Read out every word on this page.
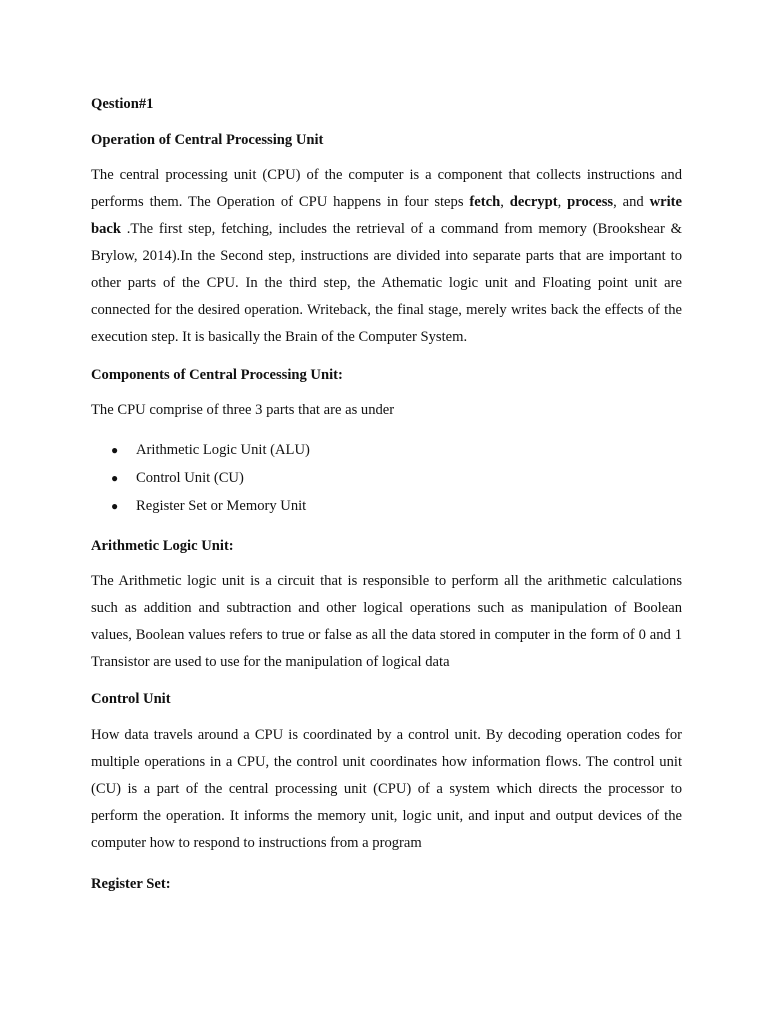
Qestion#1

Operation of Central Processing Unit

The central processing unit (CPU) of the computer is a component that collects instructions and performs them. The Operation of CPU happens in four steps fetch, decrypt, process, and write back .The first step, fetching, includes the retrieval of a command from memory (Brookshear & Brylow, 2014).In the Second step, instructions are divided into separate parts that are important to other parts of the CPU. In the third step, the Athematic logic unit and Floating point unit are connected for the desired operation. Writeback, the final stage, merely writes back the effects of the execution step. It is basically the Brain of the Computer System.

Components of Central Processing Unit:

The CPU comprise of three 3 parts that are as under

● Arithmetic Logic Unit (ALU)
● Control Unit (CU)
● Register Set or Memory Unit

Arithmetic Logic Unit:

The Arithmetic logic unit is a circuit that is responsible to perform all the arithmetic calculations such as addition and subtraction and other logical operations such as manipulation of Boolean values, Boolean values refers to true or false as all the data stored in computer in the form of 0 and 1 Transistor are used to use for the manipulation of logical data

Control Unit

How data travels around a CPU is coordinated by a control unit. By decoding operation codes for multiple operations in a CPU, the control unit coordinates how information flows. The control unit (CU) is a part of the central processing unit (CPU) of a system which directs the processor to perform the operation. It informs the memory unit, logic unit, and input and output devices of the computer how to respond to instructions from a program

Register Set:
